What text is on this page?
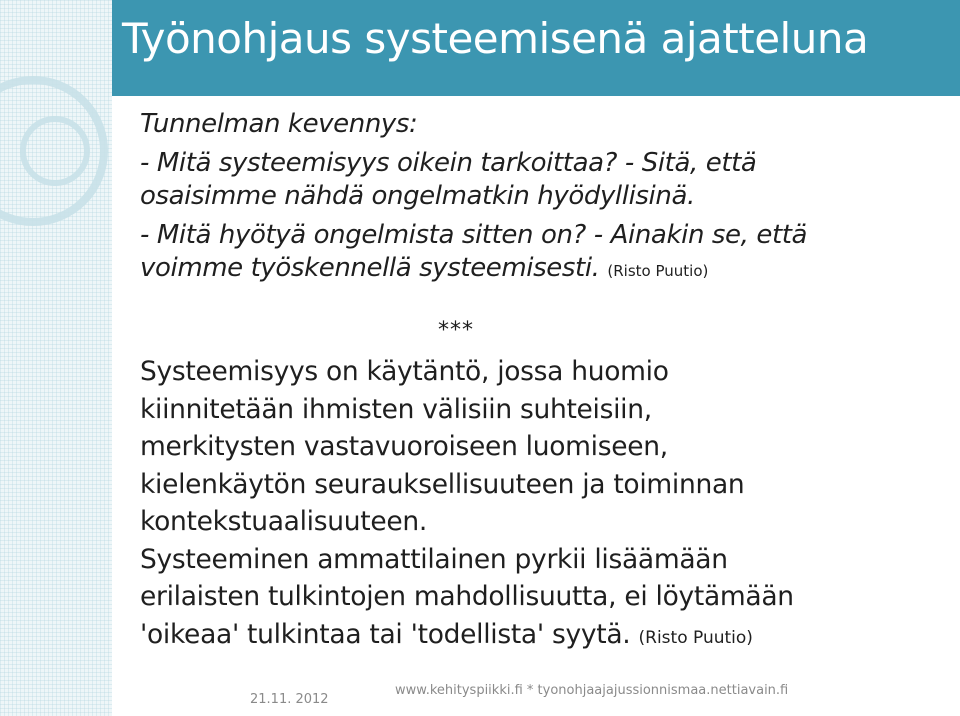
Työnohjaus systeemisenä ajatteluna
Tunnelman kevennys:
- Mitä systeemisyys oikein tarkoittaa? - Sitä, että
osaisimme nähdä ongelmatkin hyödyllisinä.
- Mitä hyötyä ongelmista sitten on? - Ainakin se, että
voimme työskennellä systeemisesti. (Risto Puutio)
***
Systeemisyys on käytäntö, jossa huomio
kiinnitetään ihmisten välisiin suhteisiin,
merkitysten vastavuoroiseen luomiseen,
kielenkäytön seurauksellisuuteen ja toiminnan
kontekstuaalisuuteen.
Systeeminen ammattilainen pyrkii lisäämään
erilaisten tulkintojen mahdollisuutta, ei löytämään
'oikeaa' tulkintaa tai 'todellista' syytä. (Risto Puutio)
21.11. 2012
www.kehityspiikki.fi * tyonohjaajajussionnismaa.nettiavain.fi
